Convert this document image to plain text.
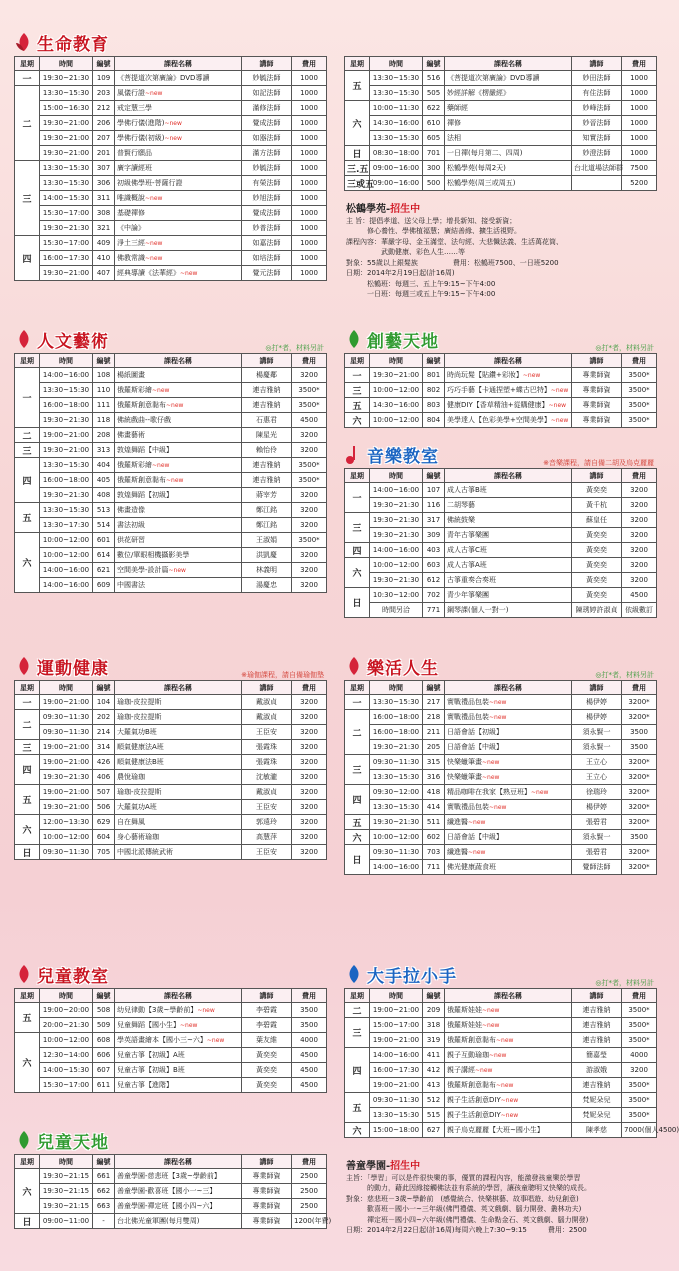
生命教育
星期	時間	編號	課程名稱	講師	費用
一	19:30~21:30	109	《菩提道次第廣論》DVD導讀	妙毓法師	1000
二	13:30~15:30	203	風儀行證~new	如記法師	1000
	15:00~16:30	212	戒定慧三學	滿修法師	1000
	19:30~21:00	206	學佛行儀(進階)~new	覺成法師	1000
	19:30~21:00	207	學佛行儀(初級)~new	如器法師	1000
	19:30~21:00	201	普賢行願品	滿方法師	1000
三	13:30~15:30	307	廣字讀經班	妙毓法師	1000
	13:30~15:30	306	初級佛學班-菩薩行證	有榮法師	1000
	14:00~15:30	311	唯識概說~new	妙旭法師	1000
	15:30~17:00	308	基礎禪修	覺成法師	1000
	19:30~21:30	321	《中論》	妙普法師	1000
四	15:30~17:00	409	淨土三經~new	如嘉法師	1000
	16:00~17:30	410	佛教常識~new	如培法師	1000
	19:30~21:00	407	經典導讀《法華經》~new	覺元法師	1000
星期	時間	編號	課程名稱	講師	費用
五	13:30~15:30	516	《菩提道次第廣論》DVD導讀	妙田法師	1000
	13:30~15:30	505	妙經詳解《楞嚴經》	有住法師	1000
六	10:00~11:30	622	藥師經	妙峰法師	1000
	14:30~16:00	610	禪修	妙晉法師	1000
	13:30~15:30	605	法相	知實法師	1000
日	08:30~18:00	701	一日禪(每月第二、四周)	妙澄法師	1000
三.五	09:00~16:00	300	松鶴學苑(每周2天)	台北道場法師群	7500
三或五	09:00~16:00	500	松鶴學苑(周三或周五)		5200
松鶴學苑-招生中
主 旨：提倡孝道、送父母上學；增長新知、接受新資；
　　　修心養性、學佛植福慧；廣結善緣、擴生活視野。
課程內容：華嚴字母、金玉滿堂、法句經、大悲懺法義、生活萬花筒、
　　　　　武動健康、彩色人生……等
對象：55歲以上銀髮族　　　　　費用：松鶴班7500、一日班5200
日期：2014年2月19日起(計16周)
　　　松鶴班：每週三、五上午9:15~下午4:00
　　　一日班：每週三或五上午9:15~下午4:00
人文藝術	◎打*者，材料另計
星期	時間	編號	課程名稱	講師	費用
一	14:00~16:00	108	楊紙圖畫	楊慶鄰	3200
	13:30~15:30	110	俄羅斯彩繪~new	連吉雅納	3500*
	16:00~18:00	111	俄羅斯創意黏布~new	連吉雅納	3500*
	19:30~21:30	118	佛統戲曲--歌仔戲	石惠君	4500
二	19:00~21:00	208	佛畫藝術	陳星光	3200
三	19:30~21:00	313	敦煌舞蹈【中級】	賴怡伶	3200
四	13:30~15:30	404	俄羅斯彩繪~new	連吉雅納	3500*
	16:00~18:00	405	俄羅斯創意黏布~new	連吉雅納	3500*
	19:30~21:30	408	敦煌舞蹈【初級】	蔣宰芳	3200
五	13:30~15:30	513	佛畫造像	鄭江銘	3200
	13:30~17:30	514	書法初級	鄭江銘	3200
六	10:00~12:00	601	供花研習	王淑娟	3500*
	10:00~12:00	614	數位/單眼相機攝影美學	洪凱慶	3200
	14:00~16:00	621	空間美學-設計篇~new	林義明	3200
	14:00~16:00	609	中國書法	湯慶忠	3200
創藝天地	◎打*者，材料另計
星期	時間	編號	課程名稱	講師	費用
一	19:30~21:00	801	時尚玩髮【貼鑽+彩妝】~new	專業師資	3500*
三	10:00~12:00	802	巧巧手藝【卡通捏塑+蝶古巴特】~new	專業師資	3500*
五	14:30~16:00	803	健康DIY【香草精油+從購健康】~new	專業師資	3500*
六	10:00~12:00	804	美學達人【色彩美學+空間美學】~new	專業師資	3500*
音樂教室	※音樂課程，請自備二胡及烏克麗麗
星期	時間	編號	課程名稱	講師	費用
一	14:00~16:00	107	成人古箏B班	黃奕奕	3200
	19:30~21:30	116	二胡琴藝	黃千杭	3200
三	19:30~21:30	317	佛統鼓樂	蘇皇任	3200
	19:30~21:30	309	青年古箏樂團	黃奕奕	3200
四	14:00~16:00	403	成人古箏C班	黃奕奕	3200
六	10:00~12:00	603	成人古箏A班	黃奕奕	3200
	19:30~21:30	612	古箏重奏合奏班	黃奕奕	3200
日	10:30~12:00	702	青少年箏樂團	黃奕奕	4500
	時間另洽	771	鋼琴課(個人一對一)	陳琇婷許淑貞	依級數訂
運動健康	※瑜伽課程，請自備瑜伽墊
星期	時間	編號	課程名稱	講師	費用
一	19:00~21:00	104	瑜珈-皮拉提斯	戴淑貞	3200
二	09:30~11:30	202	瑜珈-皮拉提斯	戴淑貞	3200
	09:30~11:30	214	大羅氣功B班	王臣安	3200
三	19:00~21:00	314	順氣健康法A班	張霞珠	3200
四	19:00~21:00	426	順氣健康法B班	張霞珠	3200
	19:30~21:30	406	農悅瑜珈	沈敏瀧	3200
五	19:00~21:00	507	瑜珈-皮拉提斯	戴淑貞	3200
	19:30~21:00	506	大羅氣功A班	王臣安	3200
六	12:00~13:30	629	自在舞風	郭遠玲	3200
	10:00~12:00	604	身心藝術瑜珈	高慧萍	3200
日	09:30~11:30	705	中國北派傳統武術	王臣安	3200
樂活人生	◎打*者，材料另計
星期	時間	編號	課程名稱	講師	費用
一	13:30~15:30	217	實戰禮品包裝~new	楊伊婷	3200*
二	16:00~18:00	218	實戰禮品包裝~new	楊伊婷	3200*
	16:00~18:00	211	日語會話【初級】	須永賢一	3500
	19:30~21:30	205	日語會話【中級】	須永賢一	3500
三	09:30~11:30	315	快樂蠟筆畫~new	王立心	3200*
	13:30~15:30	316	快樂蠟筆畫~new	王立心	3200*
四	09:30~12:00	418	精品咖啡在我家【熟豆班】~new	徐瑞玲	3200*
	13:30~15:30	414	實戰禮品包裝~new	楊伊婷	3200*
五	19:30~21:30	511	纖進醫~new	張碧君	3200*
六	10:00~12:00	602	日語會話【中級】	須永賢一	3500
日	09:30~11:30	703	纖進醫~new	張碧君	3200*
	14:00~16:00	711	佛光健康蔬食班	覺師法師	3200*
兒童教室
星期	時間	編號	課程名稱	講師	費用
五	19:00~20:00	508	幼兒律動【3歲~學齡前】~new	李碧霞	3500
	20:00~21:30	509	兒童舞蹈【國小生】~new	李碧霞	3500
六	10:00~12:00	608	學英語畫繪本【國小三~六】~new	葉友維	4000
	12:30~14:00	606	兒童古箏【初級】A班	黃奕奕	4500
	14:00~15:30	607	兒童古箏【初級】B班	黃奕奕	4500
	15:30~17:00	611	兒童古箏【進階】	黃奕奕	4500
兒童天地
星期	時間	編號	課程名稱	講師	費用
六	19:30~21:15	661	善童學園-慈悲班【3歲~學齡前】	專業師資	2500
	19:30~21:15	662	善童學園-歡喜班【國小一~三】	專業師資	2500
	19:30~21:15	663	善童學園-禪定班【國小四~六】	專業師資	2500
日	09:00~11:00	-	台北佛光童軍團(每月雙周)	專業師資	1200(年費)
大手拉小手	◎打*者，材料另計
星期	時間	編號	課程名稱	講師	費用
二	19:00~21:00	209	俄羅斯娃娃~new	連吉雅納	3500*
三	15:00~17:00	318	俄羅斯娃娃~new	連吉雅納	3500*
	19:00~21:00	319	俄羅斯創意黏布~new	連吉雅納	3500*
四	14:00~16:00	411	親子互動瑜珈~new	簡嘉瑩	4000
	16:00~17:30	412	親子講經~new	游淑娥	3200
	19:00~21:00	413	俄羅斯創意黏布~new	連吉雅納	3500*
五	09:30~11:30	512	親子生活創意DIY~new	梵妮朵兒	3500*
	13:30~15:30	515	親子生活創意DIY~new	梵妮朵兒	3500*
六	15:00~18:00	627	親子烏克麗麗【大班~國小生】	陳孝慈	7000(個人4500)
善童學園-招生中
主旨：「學習」可以是件很快樂的事，優質的課程內容，能激發孩童樂於學習
　　　的動力，藉此因緣接觸佛法並有系統的學習，讓孩童聰明又快樂的成長。
對象：慈悲班－3歲~學齡前　(感覺統合、快樂棋藝、故事唱遊、幼兒創意)
　　　歡喜班－國小一~三年級(佛門禮儀、英文戲劇、腦力開發、叢林功夫)
　　　禪定班－國小四~六年級(佛門禮儀、生命點金石、英文戲劇、腦力開發)
日期：2014年2月22日起(計16周)每周六晚上7:30~9:15　　　費用：2500
